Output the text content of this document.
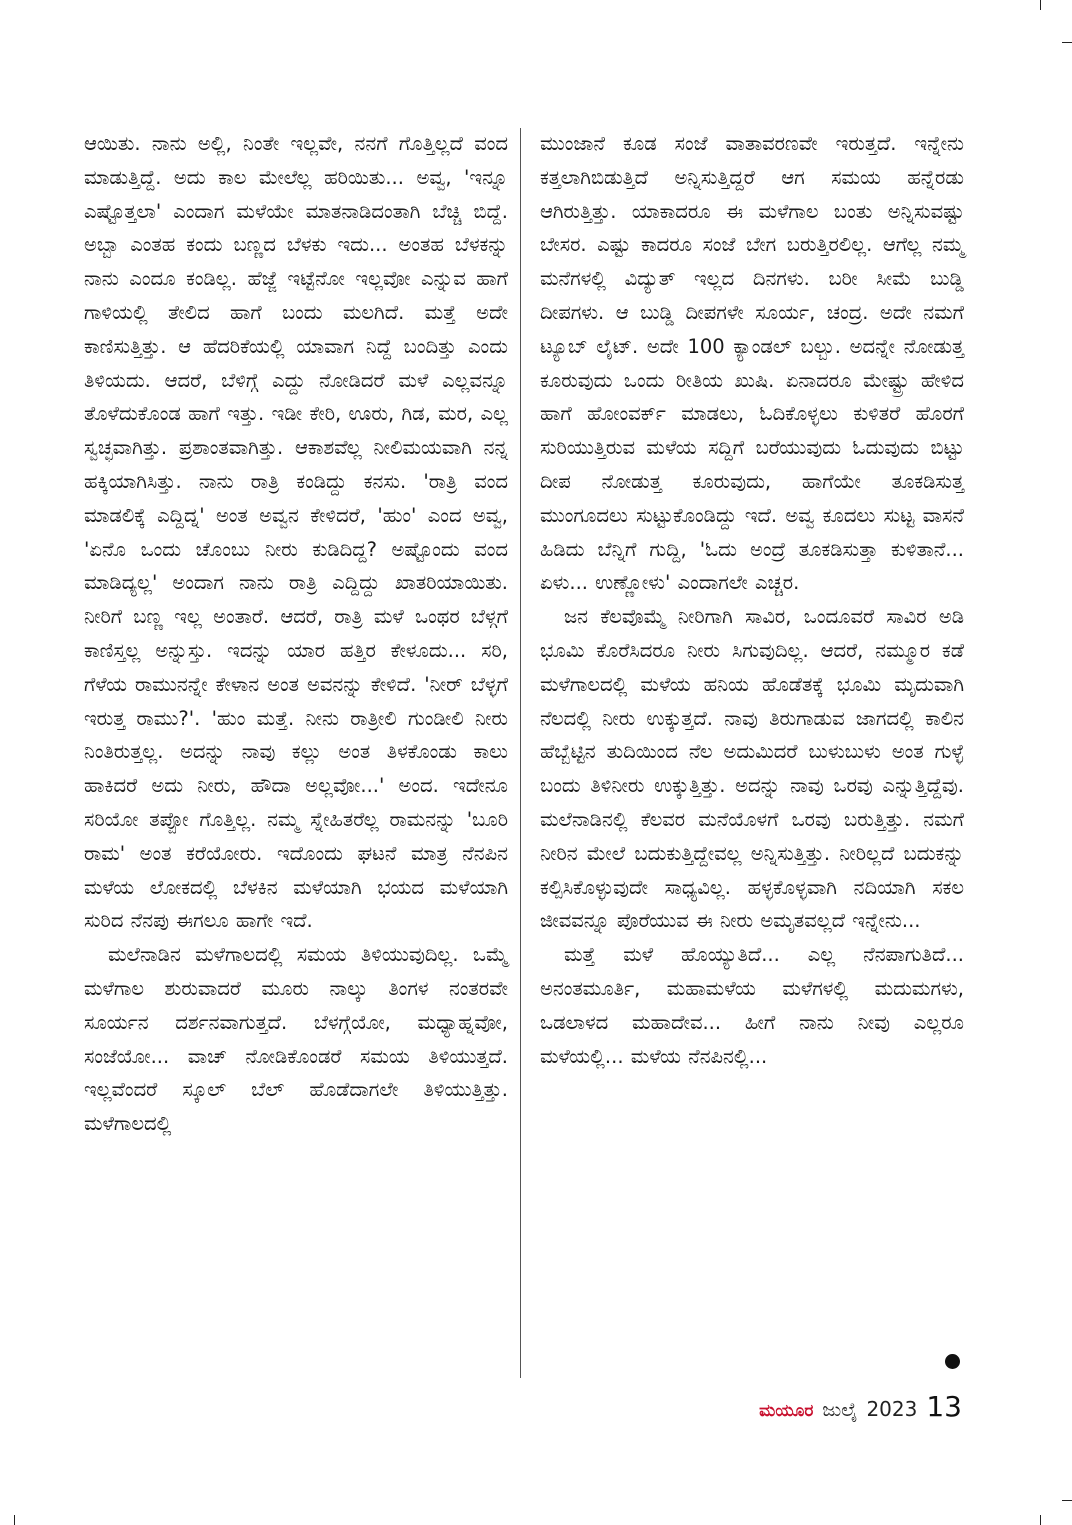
ಆಯಿತು. ನಾನು ಅಲ್ಲಿ, ನಿಂತೇ ಇಲ್ಲವೇ, ನನಗೆ ಗೊತ್ತಿಲ್ಲದೆ ವಂದ ಮಾಡುತ್ತಿದ್ದೆ. ಅದು ಕಾಲ ಮೇಲೆಲ್ಲ ಹರಿಯಿತು... ಅವ್ವ, 'ಇನ್ನೂ ಎಷ್ಟೊತ್ತಲಾ' ಎಂದಾಗ ಮಳೆಯೇ ಮಾತನಾಡಿದಂತಾಗಿ ಬೆಚ್ಚಿ ಬಿದ್ದೆ. ಅಬ್ಬಾ ಎಂತಹ ಕಂದು ಬಣ್ಣದ ಬೆಳಕು ಇದು... ಅಂತಹ ಬೆಳಕನ್ನು ನಾನು ಎಂದೂ ಕಂಡಿಲ್ಲ. ಹೆಜ್ಜೆ ಇಟ್ಟೆನೋ ಇಲ್ಲವೋ ಎನ್ನುವ ಹಾಗೆ ಗಾಳಿಯಲ್ಲಿ ತೇಲಿದ ಹಾಗೆ ಬಂದು ಮಲಗಿದೆ. ಮತ್ತೆ ಅದೇ ಕಾಣಿಸುತ್ತಿತ್ತು. ಆ ಹೆದರಿಕೆಯಲ್ಲಿ ಯಾವಾಗ ನಿದ್ದೆ ಬಂದಿತ್ತು ಎಂದು ತಿಳಿಯದು. ಆದರೆ, ಬೆಳಿಗ್ಗೆ ಎದ್ದು ನೋಡಿದರೆ ಮಳೆ ಎಲ್ಲವನ್ನೂ ತೊಳೆದುಕೊಂಡ ಹಾಗೆ ಇತ್ತು. ಇಡೀ ಕೇರಿ, ಊರು, ಗಿಡ, ಮರ, ಎಲ್ಲ ಸ್ವಚ್ಛವಾಗಿತ್ತು. ಪ್ರಶಾಂತವಾಗಿತ್ತು. ಆಕಾಶವೆಲ್ಲ ನೀಲಿಮಯವಾಗಿ ನನ್ನ ಹಕ್ಕಿಯಾಗಿಸಿತ್ತು. ನಾನು ರಾತ್ರಿ ಕಂಡಿದ್ದು ಕನಸು. 'ರಾತ್ರಿ ವಂದ ಮಾಡಲಿಕ್ಕೆ ಎದ್ದಿದ್ನ' ಅಂತ ಅವ್ವನ ಕೇಳಿದರೆ, 'ಹುಂ' ಎಂದ ಅವ್ವ, 'ಏನೊ ಒಂದು ಚೊಂಬು ನೀರು ಕುಡಿದಿದ್ದ? ಅಷ್ಟೊಂದು ವಂದ ಮಾಡಿದ್ಯಲ್ಲ' ಅಂದಾಗ ನಾನು ರಾತ್ರಿ ಎದ್ದಿದ್ದು ಖಾತರಿಯಾಯಿತು. ನೀರಿಗೆ ಬಣ್ಣ ಇಲ್ಲ ಅಂತಾರೆ. ಆದರೆ, ರಾತ್ರಿ ಮಳೆ ಒಂಥರ ಬೆಳ್ಗಗೆ ಕಾಣಿಸ್ತಲ್ಲ ಅನ್ನುಸ್ತು. ಇದನ್ನು ಯಾರ ಹತ್ತಿರ ಕೇಳೂದು... ಸರಿ, ಗೆಳೆಯ ರಾಮುನನ್ನೇ ಕೇಳಾನ ಅಂತ ಅವನನ್ನು ಕೇಳಿದೆ. 'ನೀರ್ ಬೆಳ್ಳಗೆ ಇರುತ್ತ ರಾಮು?'. 'ಹುಂ ಮತ್ತೆ. ನೀನು ರಾತ್ರೀಲಿ ಗುಂಡೀಲಿ ನೀರು ನಿಂತಿರುತ್ತಲ್ಲ. ಅದನ್ನು ನಾವು ಕಲ್ಲು ಅಂತ ತಿಳಕೊಂಡು ಕಾಲು ಹಾಕಿದರೆ ಅದು ನೀರು, ಹೌದಾ ಅಲ್ಲವೋ...' ಅಂದ. ಇದೇನೂ ಸರಿಯೋ ತಪ್ಪೋ ಗೊತ್ತಿಲ್ಲ. ನಮ್ಮ ಸ್ನೇಹಿತರೆಲ್ಲ ರಾಮನನ್ನು 'ಬೂರಿ ರಾಮ' ಅಂತ ಕರೆಯೋರು. ಇದೊಂದು ಘಟನೆ ಮಾತ್ರ ನೆನಪಿನ ಮಳೆಯ ಲೋಕದಲ್ಲಿ ಬೆಳಕಿನ ಮಳೆಯಾಗಿ ಭಯದ ಮಳೆಯಾಗಿ ಸುರಿದ ನೆನಪು ಈಗಲೂ ಹಾಗೇ ಇದೆ.

ಮಲೆನಾಡಿನ ಮಳೆಗಾಲದಲ್ಲಿ ಸಮಯ ತಿಳಿಯುವುದಿಲ್ಲ. ಒಮ್ಮೆ ಮಳೆಗಾಲ ಶುರುವಾದರೆ ಮೂರು ನಾಲ್ಕು ತಿಂಗಳ ನಂತರವೇ ಸೂರ್ಯನ ದರ್ಶನವಾಗುತ್ತದೆ. ಬೆಳಗ್ಗೆಯೋ, ಮಧ್ಯಾಹ್ನವೋ, ಸಂಜೆಯೋ... ವಾಚ್ ನೋಡಿಕೊಂಡರೆ ಸಮಯ ತಿಳಿಯುತ್ತದೆ. ಇಲ್ಲವೆಂದರೆ ಸ್ಕೂಲ್ ಬೆಲ್ ಹೊಡೆದಾಗಲೇ ತಿಳಿಯುತ್ತಿತ್ತು. ಮಳೆಗಾಲದಲ್ಲಿ

ಮುಂಜಾನೆ ಕೂಡ ಸಂಜೆ ವಾತಾವರಣವೇ ಇರುತ್ತದೆ. ಇನ್ನೇನು ಕತ್ತಲಾಗಿಬಿಡುತ್ತಿದೆ ಅನ್ನಿಸುತ್ತಿದ್ದರೆ ಆಗ ಸಮಯ ಹನ್ನೆರಡು ಆಗಿರುತ್ತಿತ್ತು. ಯಾಕಾದರೂ ಈ ಮಳೆಗಾಲ ಬಂತು ಅನ್ನಿಸುವಷ್ಟು ಬೇಸರ. ಎಷ್ಟು ಕಾದರೂ ಸಂಜೆ ಬೇಗ ಬರುತ್ತಿರಲಿಲ್ಲ. ಆಗೆಲ್ಲ ನಮ್ಮ ಮನೆಗಳಲ್ಲಿ ವಿದ್ಯುತ್ ಇಲ್ಲದ ದಿನಗಳು. ಬರೀ ಸೀಮೆ ಬುಡ್ಡಿ ದೀಪಗಳು. ಆ ಬುಡ್ಡಿ ದೀಪಗಳೇ ಸೂರ್ಯ, ಚಂದ್ರ. ಅದೇ ನಮಗೆ ಟ್ಯೂಬ್ ಲೈಟ್. ಅದೇ 100 ಕ್ಯಾಂಡಲ್ ಬಲ್ಬು. ಅದನ್ನೇ ನೋಡುತ್ತ ಕೂರುವುದು ಒಂದು ರೀತಿಯ ಖುಷಿ. ಏನಾದರೂ ಮೇಷ್ಟ್ರು ಹೇಳಿದ ಹಾಗೆ ಹೋಂವರ್ಕ್ ಮಾಡಲು, ಓದಿಕೊಳ್ಳಲು ಕುಳಿತರೆ ಹೊರಗೆ ಸುರಿಯುತ್ತಿರುವ ಮಳೆಯ ಸದ್ದಿಗೆ ಬರೆಯುವುದು ಓದುವುದು ಬಿಟ್ಟು ದೀಪ ನೋಡುತ್ತ ಕೂರುವುದು, ಹಾಗೆಯೇ ತೂಕಡಿಸುತ್ತ ಮುಂಗೂದಲು ಸುಟ್ಟುಕೊಂಡಿದ್ದು ಇದೆ. ಅವ್ವ ಕೂದಲು ಸುಟ್ಟ ವಾಸನೆ ಹಿಡಿದು ಬೆನ್ನಿಗೆ ಗುದ್ದಿ, 'ಓದು ಅಂದ್ರೆ ತೂಕಡಿಸುತ್ತಾ ಕುಳಿತಾನೆ... ಏಳು... ಉಣ್ಣೋಳು' ಎಂದಾಗಲೇ ಎಚ್ಚರ.

ಜನ ಕೆಲವೊಮ್ಮೆ ನೀರಿಗಾಗಿ ಸಾವಿರ, ಒಂದೂವರೆ ಸಾವಿರ ಅಡಿ ಭೂಮಿ ಕೊರೆಸಿದರೂ ನೀರು ಸಿಗುವುದಿಲ್ಲ. ಆದರೆ, ನಮ್ಮೂರ ಕಡೆ ಮಳೆಗಾಲದಲ್ಲಿ ಮಳೆಯ ಹನಿಯ ಹೊಡೆತಕ್ಕೆ ಭೂಮಿ ಮೃದುವಾಗಿ ನೆಲದಲ್ಲಿ ನೀರು ಉಕ್ಕುತ್ತದೆ. ನಾವು ತಿರುಗಾಡುವ ಜಾಗದಲ್ಲಿ ಕಾಲಿನ ಹೆಬ್ಬೆಟ್ಟಿನ ತುದಿಯಿಂದ ನೆಲ ಅದುಮಿದರೆ ಬುಳುಬುಳು ಅಂತ ಗುಳ್ಳೆ ಬಂದು ತಿಳಿನೀರು ಉಕ್ಕುತ್ತಿತ್ತು. ಅದನ್ನು ನಾವು ಒರವು ಎನ್ನುತ್ತಿದ್ದೆವು. ಮಲೆನಾಡಿನಲ್ಲಿ ಕೆಲವರ ಮನೆಯೊಳಗೆ ಒರವು ಬರುತ್ತಿತ್ತು. ನಮಗೆ ನೀರಿನ ಮೇಲೆ ಬದುಕುತ್ತಿದ್ದೇವಲ್ಲ ಅನ್ನಿಸುತ್ತಿತ್ತು. ನೀರಿಲ್ಲದೆ ಬದುಕನ್ನು ಕಲ್ಪಿಸಿಕೊಳ್ಳುವುದೇ ಸಾಧ್ಯವಿಲ್ಲ. ಹಳ್ಳಕೊಳ್ಳವಾಗಿ ನದಿಯಾಗಿ ಸಕಲ ಜೀವವನ್ನೂ ಪೊರೆಯುವ ಈ ನೀರು ಅಮೃತವಲ್ಲದೆ ಇನ್ನೇನು...

ಮತ್ತೆ ಮಳೆ ಹೊಯ್ಯುತಿದೆ... ಎಲ್ಲ ನೆನಪಾಗುತಿದೆ... ಅನಂತಮೂರ್ತಿ, ಮಹಾಮಳೆಯ ಮಳೆಗಳಲ್ಲಿ ಮದುಮಗಳು, ಒಡಲಾಳದ ಮಹಾದೇವ... ಹೀಗೆ ನಾನು ನೀವು ಎಲ್ಲರೂ ಮಳೆಯಲ್ಲಿ... ಮಳೆಯ ನೆನಪಿನಲ್ಲಿ...

ಮಯೂರ ಜುಲೈ 2023 13
